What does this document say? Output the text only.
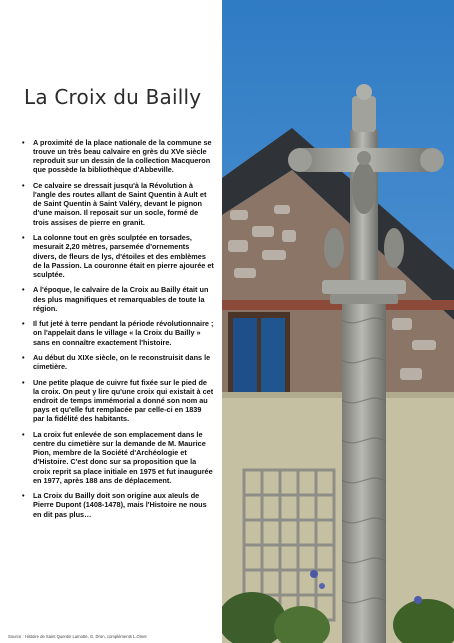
La Croix du Bailly
• A proximité de la place nationale de la commune se trouve un très beau calvaire en grès du XVe siècle reproduit sur un dessin de la collection Macqueron que possède la bibliothèque d'Abbeville.
• Ce calvaire se dressait jusqu'à la Révolution à l'angle des routes allant de Saint Quentin à Ault et de Saint Quentin à Saint Valéry, devant le pignon d'une maison. Il reposait sur un socle, formé de trois assises de pierre en granit.
• La colonne tout en grès sculptée en torsades, mesurait 2,20 mètres, parsemée d'ornements divers, de fleurs de lys, d'étoiles et des emblèmes de la Passion. La couronne était en pierre ajourée et sculptée.
• A l'époque, le calvaire de la Croix au Bailly était un des plus magnifiques et remarquables de toute la région.
• Il fut jeté à terre pendant la période révolutionnaire ; on l'appelait dans le village « la Croix du Bailly » sans en connaître exactement l'histoire.
• Au début du XIXe siècle, on le reconstruisit dans le cimetière.
• Une petite plaque de cuivre fut fixée sur le pied de la croix. On peut y lire qu'une croix qui existait à cet endroit de temps immémorial a donné son nom au pays et qu'elle fut remplacée par celle-ci en 1839 par la fidélité des habitants.
• La croix fut enlevée de son emplacement dans le centre du cimetière sur la demande de M. Maurice Pion, membre de la Société d'Archéologie et d'Histoire. C'est donc sur sa proposition que la croix reprit sa place initiale en 1975 et fut inaugurée en 1977, après 188 ans de déplacement.
• La Croix du Bailly doit son origine aux aïeuls de Pierre Dupont (1408-1478), mais l'Histoire ne nous en dit pas plus…
Source : Histoire de Saint Quentin Lamotte, G. Dron, compléments L.Omer
